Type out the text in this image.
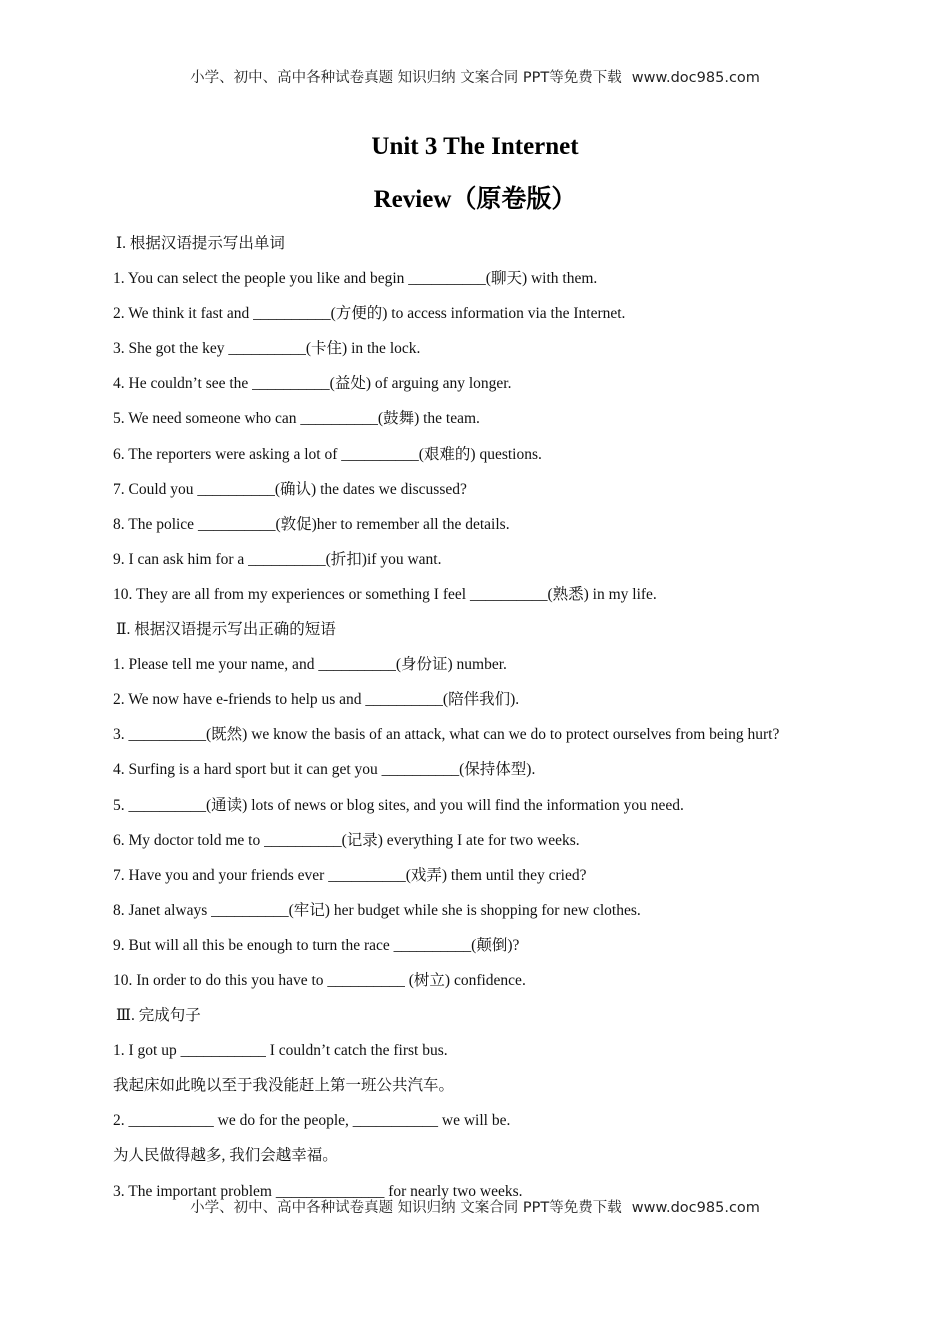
小学、初中、高中各种试卷真题 知识归纳 文案合同 PPT等免费下载 www.doc985.com
Unit 3 The Internet
Review（原卷版）
Ⅰ. 根据汉语提示写出单词
1. You can select the people you like and begin __________(聊天) with them.
2. We think it fast and __________(方便的) to access information via the Internet.
3. She got the key __________(卡住) in the lock.
4. He couldn’t see the __________(益处) of arguing any longer.
5. We need someone who can __________(鼓舞) the team.
6. The reporters were asking a lot of __________(艰难的) questions.
7. Could you __________(确认) the dates we discussed?
8. The police __________(敦促)her to remember all the details.
9. I can ask him for a __________(折扣)if you want.
10. They are all from my experiences or something I feel __________(熟悉) in my life.
Ⅱ. 根据汉语提示写出正确的短语
1. Please tell me your name, and __________(身份证) number.
2. We now have e-friends to help us and __________(陪伴我们).
3. __________(既然) we know the basis of an attack, what can we do to protect ourselves from being hurt?
4. Surfing is a hard sport but it can get you __________(保持体型).
5. __________(通读) lots of news or blog sites, and you will find the information you need.
6. My doctor told me to __________(记录) everything I ate for two weeks.
7. Have you and your friends ever __________(戏弄) them until they cried?
8. Janet always __________(牢记) her budget while she is shopping for new clothes.
9. But will all this be enough to turn the race __________(颠倒)?
10. In order to do this you have to __________ (树立) confidence.
Ⅲ. 完成句子
1. I got up ___________ I couldn’t catch the first bus.
我起床如此晚以至于我没能赶上第一班公共汽车。
2. ___________ we do for the people, ___________ we will be.
为人民做得越多, 我们会越幸福。
3. The important problem ______________ for nearly two weeks.
小学、初中、高中各种试卷真题 知识归纳 文案合同 PPT等免费下载 www.doc985.com
